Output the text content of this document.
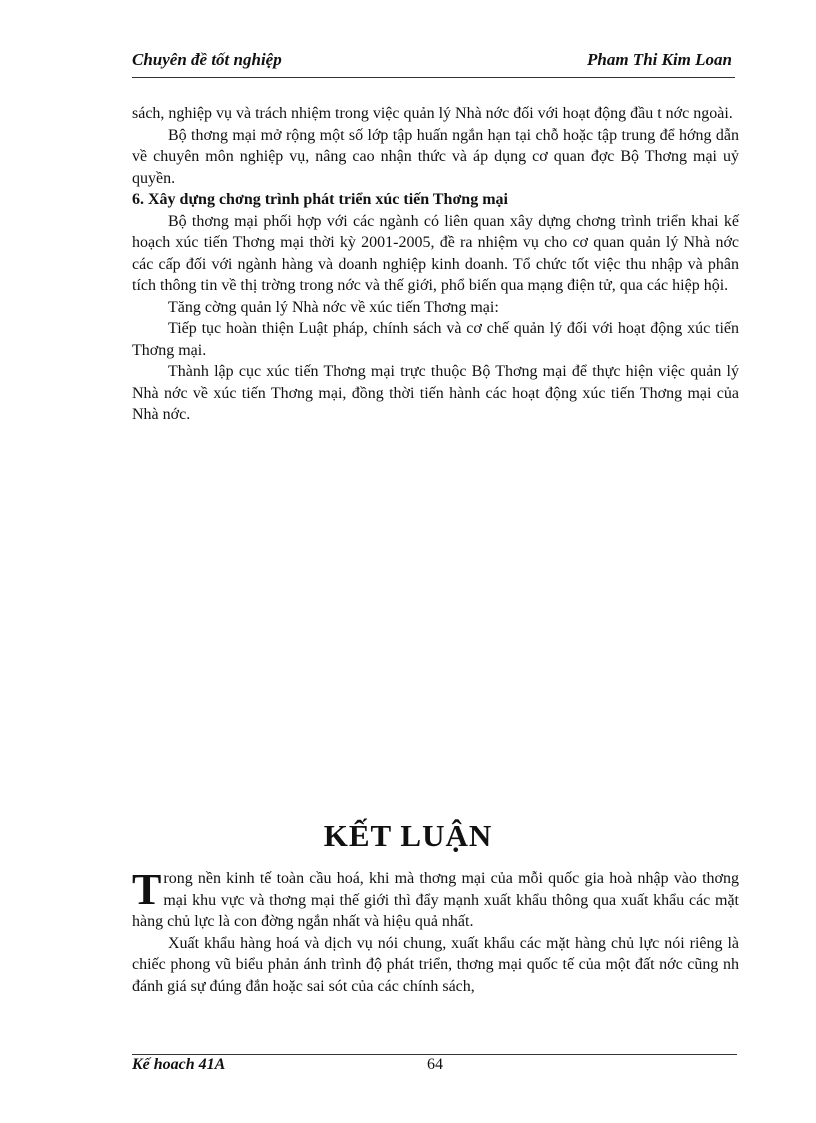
Chuyên đề tốt nghiệp	Pham Thi Kim Loan

sách, nghiệp vụ và trách nhiệm trong việc quản lý Nhà nớc đối với hoạt động đầu t nớc ngoài.

Bộ thơng mại mở rộng một số lớp tập huấn ngắn hạn tại chỗ hoặc tập trung để hớng dẫn về chuyên môn nghiệp vụ, nâng cao nhận thức và áp dụng cơ quan đợc Bộ Thơng mại uỷ quyền.

6. Xây dựng chơng trình phát triển xúc tiến Thơng mại

Bộ thơng mại phối hợp với các ngành có liên quan xây dựng chơng trình triển khai kế hoạch xúc tiến Thơng mại thời kỳ 2001-2005, đề ra nhiệm vụ cho cơ quan quản lý Nhà nớc các cấp đối với ngành hàng và doanh nghiệp kinh doanh. Tổ chức tốt việc thu nhập và phân tích thông tin về thị trờng trong nớc và thế giới, phổ biến qua mạng điện tử, qua các hiệp hội.

Tăng cờng quản lý Nhà nớc về xúc tiến Thơng mại:

Tiếp tục hoàn thiện Luật pháp, chính sách và cơ chế quản lý đối với hoạt động xúc tiến Thơng mại.

Thành lập cục xúc tiến Thơng mại trực thuộc Bộ Thơng mại để thực hiện việc quản lý Nhà nớc về xúc tiến Thơng mại, đồng thời tiến hành các hoạt động xúc tiến Thơng mại của Nhà nớc.

KẾT LUẬN

Trong nền kinh tế toàn cầu hoá, khi mà thơng mại của mỗi quốc gia hoà nhập vào thơng mại khu vực và thơng mại thế giới thì đẩy mạnh xuất khẩu thông qua xuất khẩu các mặt hàng chủ lực là con đờng ngắn nhất và hiệu quả nhất.

Xuất khẩu hàng hoá và dịch vụ nói chung, xuất khẩu các mặt hàng chủ lực nói riêng là chiếc phong vũ biểu phản ánh trình độ phát triển, thơng mại quốc tế của một đất nớc cũng nh đánh giá sự đúng đắn hoặc sai sót của các chính sách,

Kế hoach 41A	64
